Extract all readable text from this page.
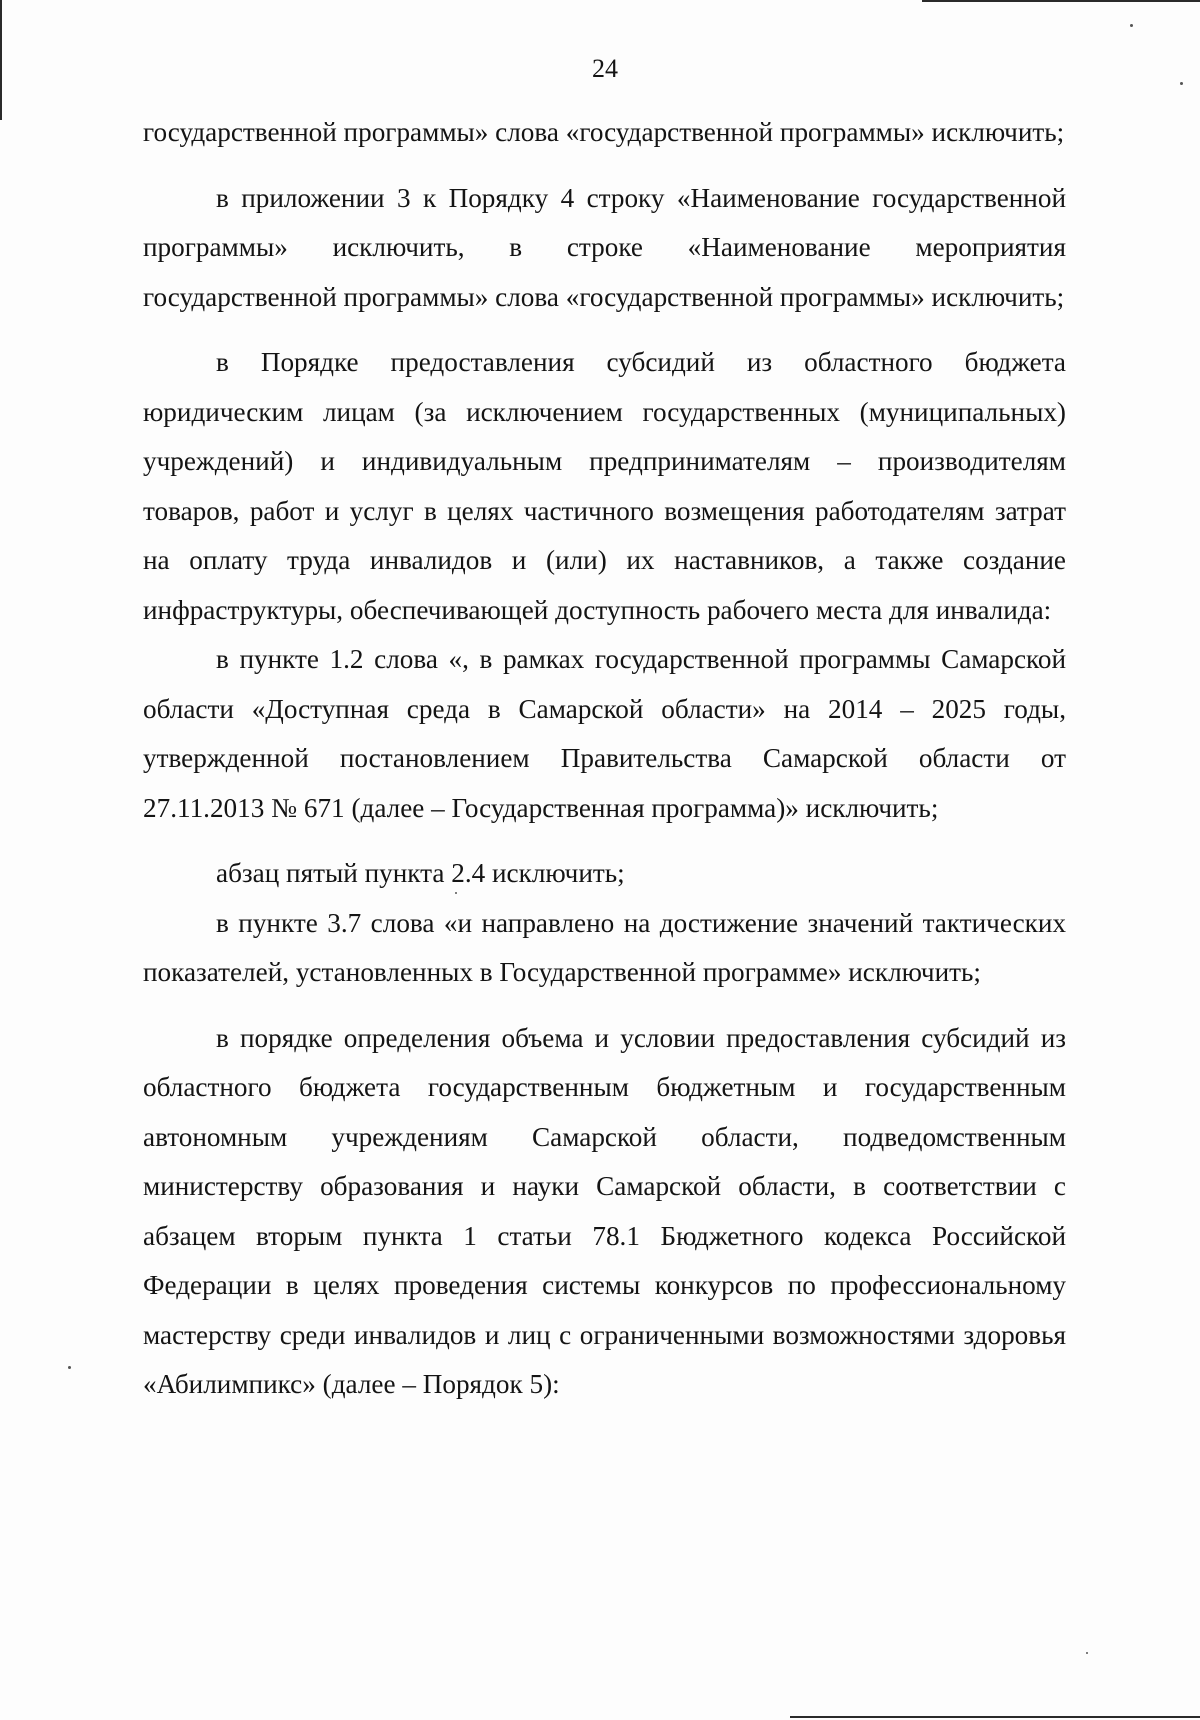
24

государственной программы» слова «государственной программы» исключить;

в приложении 3 к Порядку 4 строку «Наименование государственной программы» исключить, в строке «Наименование мероприятия государственной программы» слова «государственной программы» исключить;

в Порядке предоставления субсидий из областного бюджета юридическим лицам (за исключением государственных (муниципальных) учреждений) и индивидуальным предпринимателям – производителям товаров, работ и услуг в целях частичного возмещения работодателям затрат на оплату труда инвалидов и (или) их наставников, а также создание инфраструктуры, обеспечивающей доступность рабочего места для инвалида:

в пункте 1.2 слова «, в рамках государственной программы Самарской области «Доступная среда в Самарской области» на 2014 – 2025 годы, утвержденной постановлением Правительства Самарской области от 27.11.2013 № 671 (далее – Государственная программа)» исключить;

абзац пятый пункта 2.4 исключить;

в пункте 3.7 слова «и направлено на достижение значений тактических показателей, установленных в Государственной программе» исключить;

в порядке определения объема и условии предоставления субсидий из областного бюджета государственным бюджетным и государственным автономным учреждениям Самарской области, подведомственным министерству образования и науки Самарской области, в соответствии с абзацем вторым пункта 1 статьи 78.1 Бюджетного кодекса Российской Федерации в целях проведения системы конкурсов по профессиональному мастерству среди инвалидов и лиц с ограниченными возможностями здоровья «Абилимпикс» (далее – Порядок 5):
